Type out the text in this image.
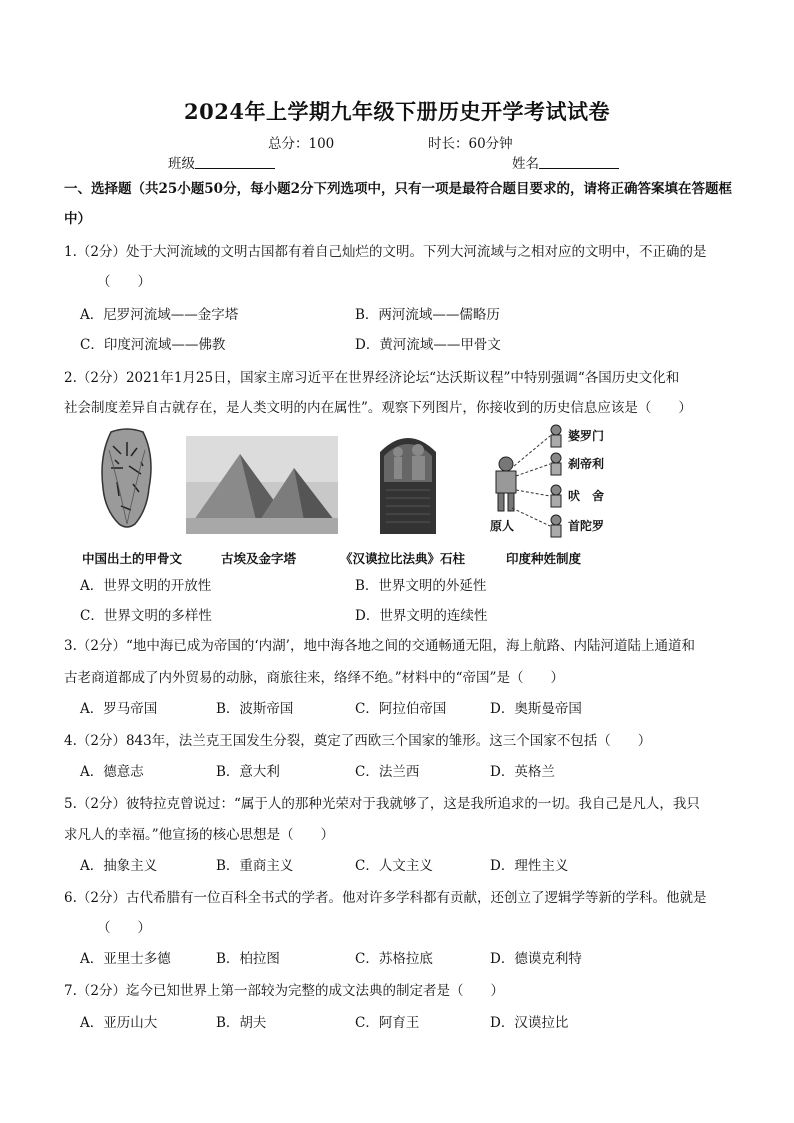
2024年上学期九年级下册历史开学考试试卷
总分：100	时长：60分钟
班级	姓名
一、选择题（共25小题50分，每小题2分下列选项中，只有一项是最符合题目要求的，请将正确答案填在答题框中）
1.（2分）处于大河流域的文明古国都有着自己灿烂的文明。下列大河流域与之相对应的文明中，不正确的是
（　　）
A．尼罗河流域——金字塔	B．两河流域——儒略历
C．印度河流域——佛教	D．黄河流域——甲骨文
2.（2分）2021年1月25日，国家主席习近平在世界经济论坛“达沃斯议程”中特别强调“各国历史文化和
社会制度差异自古就存在，是人类文明的内在属性”。观察下列图片，你接收到的历史信息应该是（　　）
婆罗门
刹帝利
吠　舍
首陀罗
原人
中国出土的甲骨文	古埃及金字塔	《汉谟拉比法典》石柱	印度种姓制度
A．世界文明的开放性	B．世界文明的外延性
C．世界文明的多样性	D．世界文明的连续性
3.（2分）“地中海已成为帝国的‘内湖’，地中海各地之间的交通畅通无阻，海上航路、内陆河道陆上通道和
古老商道都成了内外贸易的动脉，商旅往来，络绎不绝。”材料中的“帝国”是（　　）
A．罗马帝国	B．波斯帝国	C．阿拉伯帝国	D．奥斯曼帝国
4.（2分）843年，法兰克王国发生分裂，奠定了西欧三个国家的雏形。这三个国家不包括（　　）
A．德意志	B．意大利	C．法兰西	D．英格兰
5.（2分）彼特拉克曾说过：“属于人的那种光荣对于我就够了，这是我所追求的一切。我自己是凡人，我只
求凡人的幸福。”他宣扬的核心思想是（　　）
A．抽象主义	B．重商主义	C．人文主义	D．理性主义
6.（2分）古代希腊有一位百科全书式的学者。他对许多学科都有贡献，还创立了逻辑学等新的学科。他就是
（　　）
A．亚里士多德	B．柏拉图	C．苏格拉底	D．德谟克利特
7.（2分）迄今已知世界上第一部较为完整的成文法典的制定者是（　　）
A．亚历山大	B．胡夫	C．阿育王	D．汉谟拉比
